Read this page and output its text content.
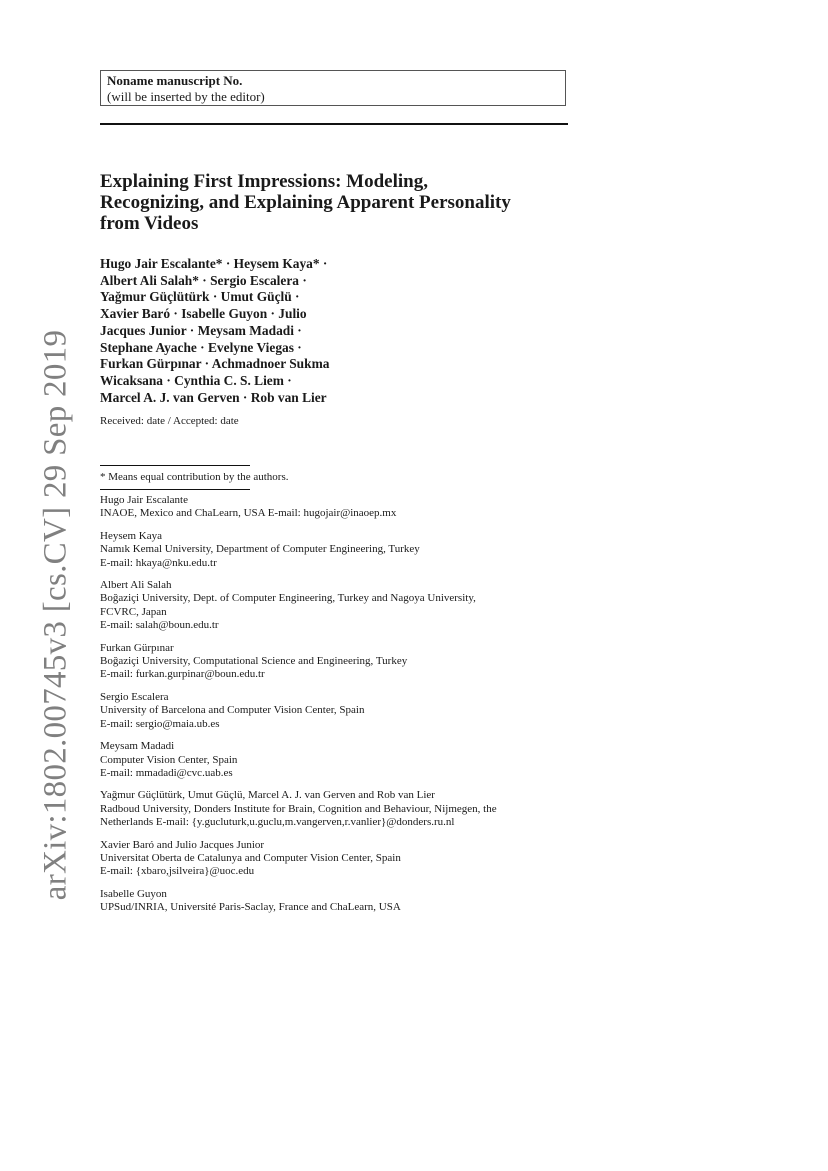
arXiv:1802.00745v3 [cs.CV] 29 Sep 2019
Noname manuscript No.
(will be inserted by the editor)
Explaining First Impressions: Modeling,
Recognizing, and Explaining Apparent Personality
from Videos
Hugo Jair Escalante* · Heysem Kaya* ·
Albert Ali Salah* · Sergio Escalera ·
Yağmur Güçlütürk · Umut Güçlü ·
Xavier Baró · Isabelle Guyon · Julio
Jacques Junior · Meysam Madadi ·
Stephane Ayache · Evelyne Viegas ·
Furkan Gürpınar · Achmadnoer Sukma
Wicaksana · Cynthia C. S. Liem ·
Marcel A. J. van Gerven · Rob van Lier
Received: date / Accepted: date
* Means equal contribution by the authors.
Hugo Jair Escalante
INAOE, Mexico and ChaLearn, USA E-mail: hugojair@inaoep.mx
Heysem Kaya
Namık Kemal University, Department of Computer Engineering, Turkey
E-mail: hkaya@nku.edu.tr
Albert Ali Salah
Boğaziçi University, Dept. of Computer Engineering, Turkey and Nagoya University,
FCVRC, Japan
E-mail: salah@boun.edu.tr
Furkan Gürpınar
Boğaziçi University, Computational Science and Engineering, Turkey
E-mail: furkan.gurpinar@boun.edu.tr
Sergio Escalera
University of Barcelona and Computer Vision Center, Spain
E-mail: sergio@maia.ub.es
Meysam Madadi
Computer Vision Center, Spain
E-mail: mmadadi@cvc.uab.es
Yağmur Güçlütürk, Umut Güçlü, Marcel A. J. van Gerven and Rob van Lier
Radboud University, Donders Institute for Brain, Cognition and Behaviour, Nijmegen, the
Netherlands E-mail: {y.gucluturk,u.guclu,m.vangerven,r.vanlier}@donders.ru.nl
Xavier Baró and Julio Jacques Junior
Universitat Oberta de Catalunya and Computer Vision Center, Spain
E-mail: {xbaro,jsilveira}@uoc.edu
Isabelle Guyon
UPSud/INRIA, Université Paris-Saclay, France and ChaLearn, USA
